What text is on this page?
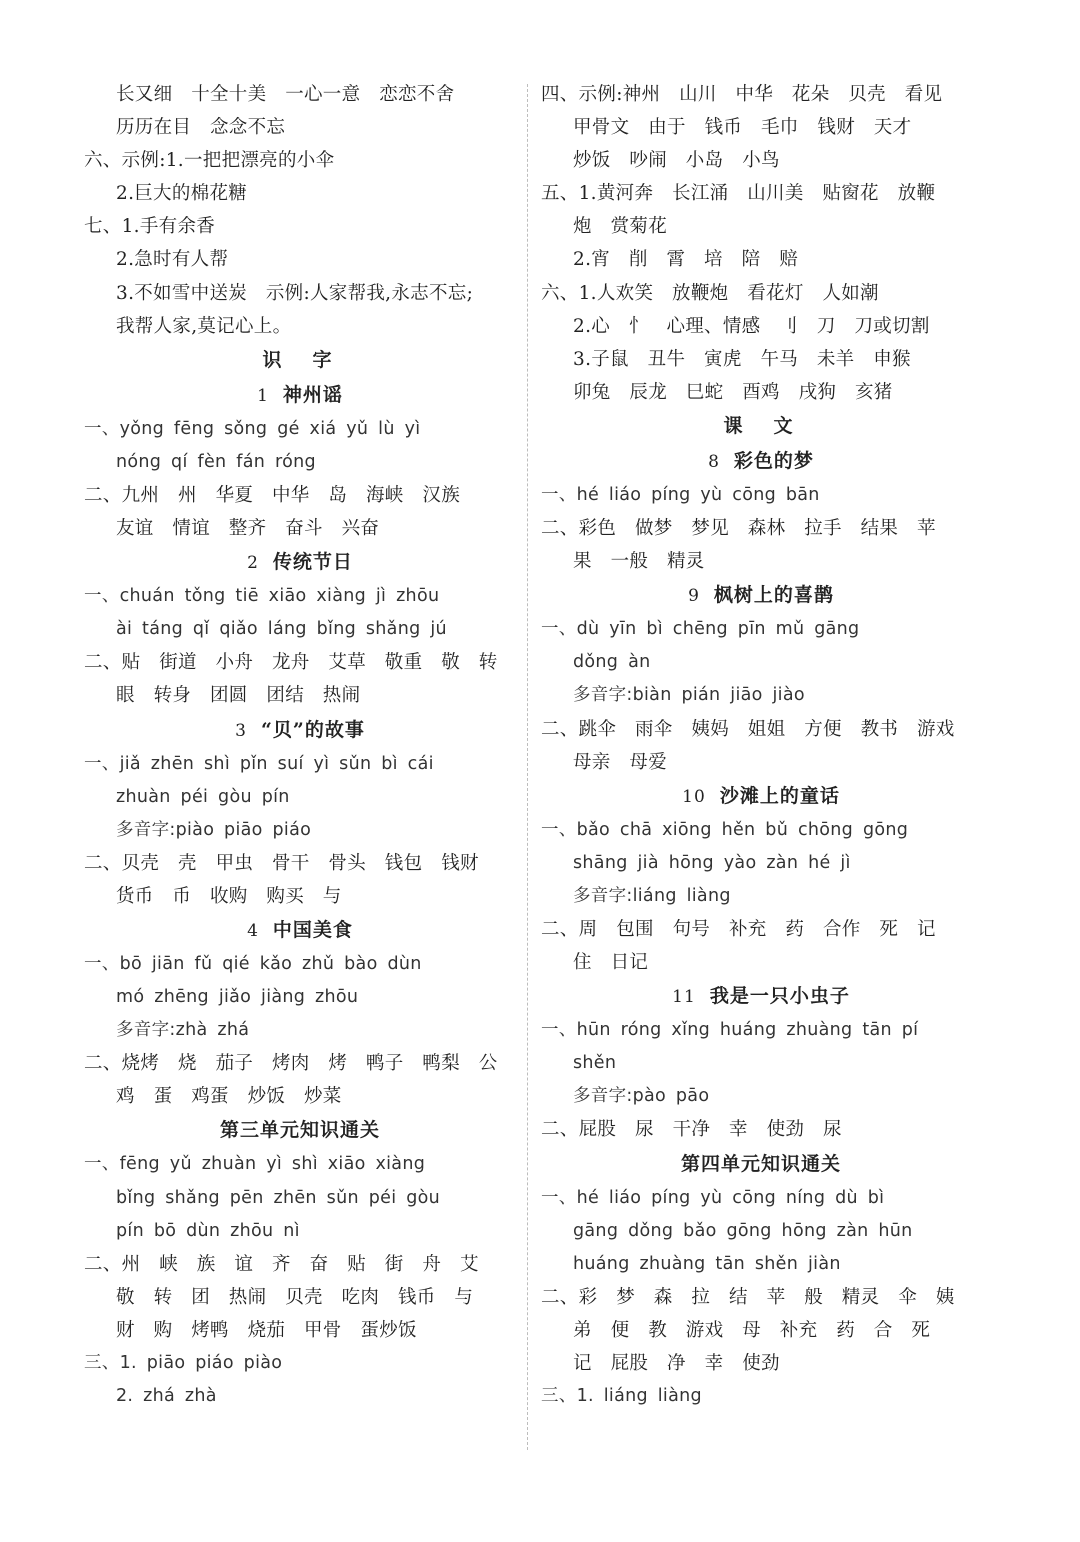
长又细　十全十美　一心一意　恋恋不舍
历历在目　念念不忘
六、示例:1.一把把漂亮的小伞
2.巨大的棉花糖
七、1.手有余香
2.急时有人帮
3.不如雪中送炭　示例:人家帮我,永志不忘;
我帮人家,莫记心上。
识　字
1 神州谣
一、yǒng fēng sǒng gé xiá yǔ lù yì
nóng qí fèn fán róng
二、九州　州　华夏　中华　岛　海峡　汉族
友谊　情谊　整齐　奋斗　兴奋
2 传统节日
一、chuán tǒng tiē xiāo xiàng jì zhōu
ài táng qǐ qiǎo láng bǐng shǎng jú
二、贴　街道　小舟　龙舟　艾草　敬重　敬　转
眼　转身　团圆　团结　热闹
3 “贝”的故事
一、jiǎ zhēn shì pǐn suí yì sǔn bì cái
zhuàn péi gòu pín
多音字:piào piāo piáo
二、贝壳　壳　甲虫　骨干　骨头　钱包　钱财
货币　币　收购　购买　与
4 中国美食
一、bō jiān fǔ qié kǎo zhǔ bào dùn
mó zhēng jiǎo jiàng zhōu
多音字:zhà zhá
二、烧烤　烧　茄子　烤肉　烤　鸭子　鸭梨　公
鸡　蛋　鸡蛋　炒饭　炒菜
第三单元知识通关
一、fēng yǔ zhuàn yì shì xiāo xiàng
bǐng shǎng pēn zhēn sǔn péi gòu
pín bō dùn zhōu nì
二、州　峡　族　谊　齐　奋　贴　街　舟　艾
敬　转　团　热闹　贝壳　吃肉　钱币　与
财　购　烤鸭　烧茄　甲骨　蛋炒饭
三、1. piāo piáo piào
2. zhá zhà
四、示例:神州　山川　中华　花朵　贝壳　看见
甲骨文　由于　钱币　毛巾　钱财　天才
炒饭　吵闹　小岛　小鸟
五、1.黄河奔　长江涌　山川美　贴窗花　放鞭
炮　赏菊花
2.宵　削　霄　培　陪　赔
六、1.人欢笑　放鞭炮　看花灯　人如潮
2.心　忄　心理、情感　刂　刀　刀或切割
3.子鼠　丑牛　寅虎　午马　未羊　申猴
卯兔　辰龙　巳蛇　酉鸡　戌狗　亥猪
课　文
8 彩色的梦
一、hé liáo píng yù cōng bān
二、彩色　做梦　梦见　森林　拉手　结果　苹
果　一般　精灵
9 枫树上的喜鹊
一、dù yīn bì chēng pīn mǔ gāng
dǒng àn
多音字:biàn pián jiāo jiào
二、跳伞　雨伞　姨妈　姐姐　方便　教书　游戏
母亲　母爱
10 沙滩上的童话
一、bǎo chā xiōng hěn bǔ chōng gōng
shāng jià hōng yào zàn hé jì
多音字:liáng liàng
二、周　包围　句号　补充　药　合作　死　记
住　日记
11 我是一只小虫子
一、hūn róng xǐng huáng zhuàng tān pí
shěn
多音字:pào pāo
二、屁股　尿　干净　幸　使劲　尿
第四单元知识通关
一、hé liáo píng yù cōng níng dù bì
gāng dǒng bǎo gōng hōng zàn hūn
huáng zhuàng tān shěn jiàn
二、彩　梦　森　拉　结　苹　般　精灵　伞　姨
弟　便　教　游戏　母　补充　药　合　死
记　屁股　净　幸　使劲
三、1. liáng liàng
